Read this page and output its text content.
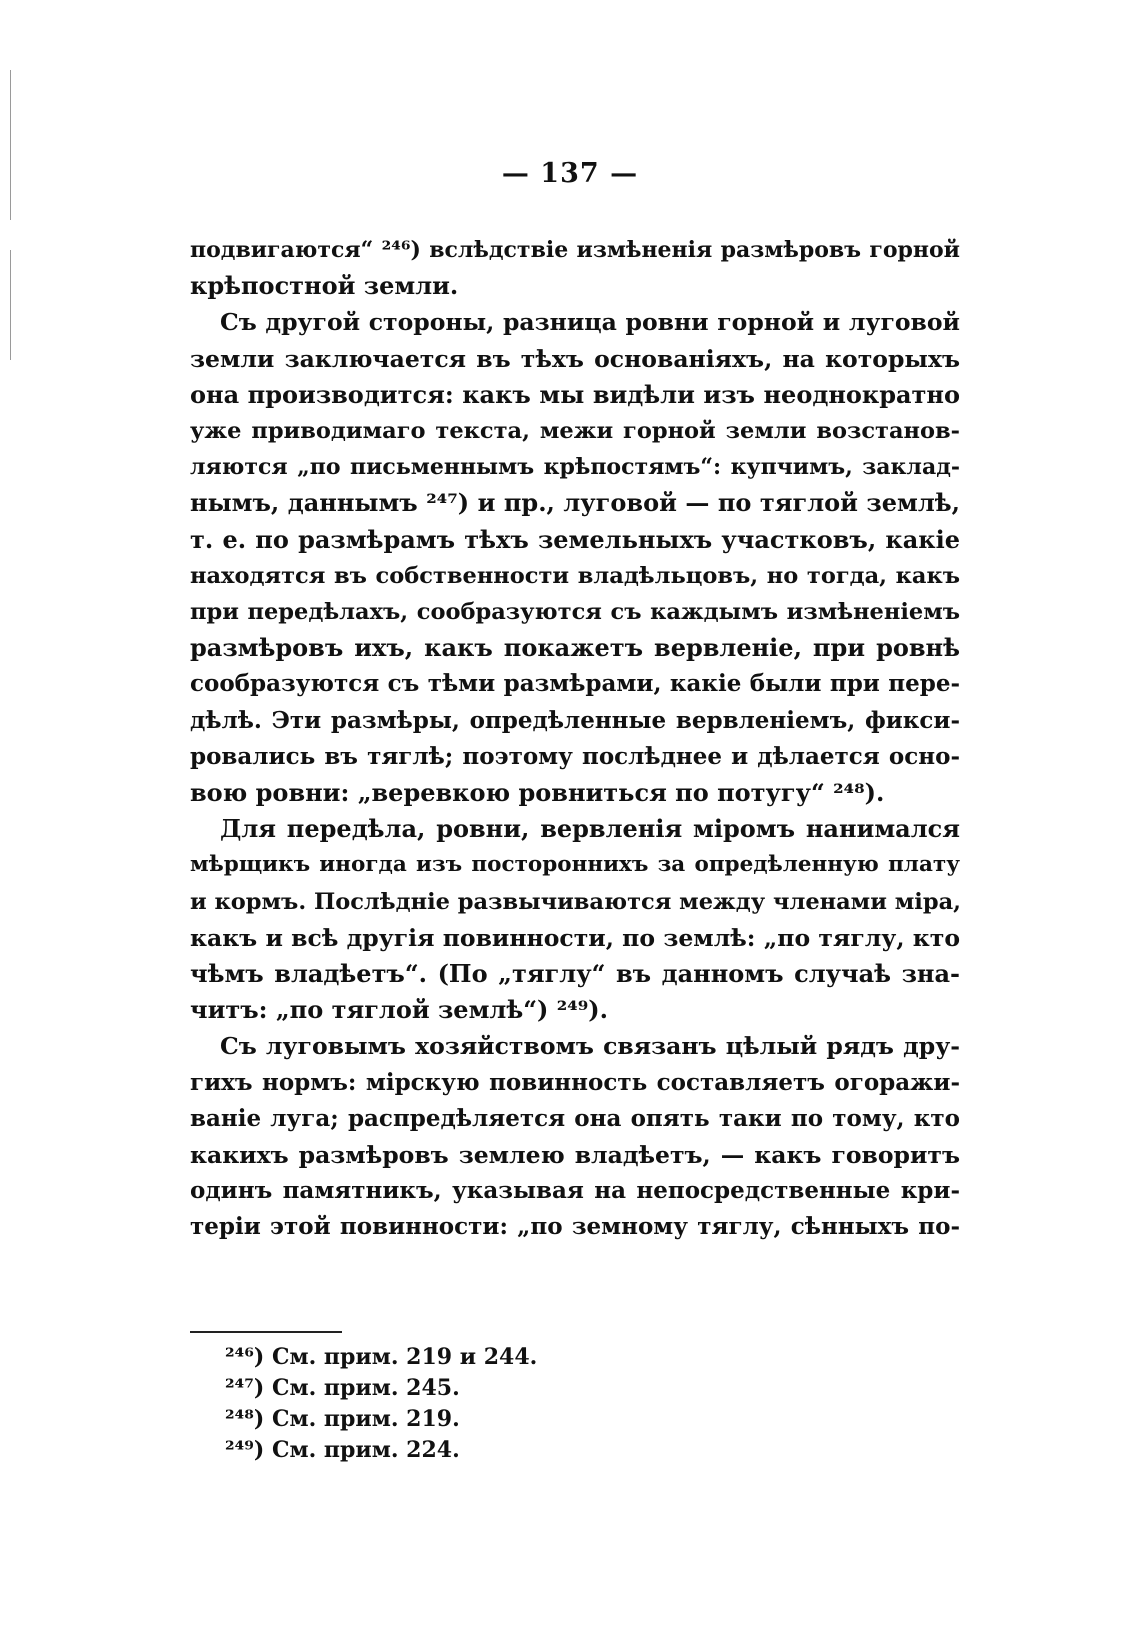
— 137 —
подвигаются“ ²⁴⁶) вслѣдствіе измѣненія размѣровъ горной
крѣпостной земли.
Съ другой стороны, разница ровни горной и луговой
земли заключается въ тѣхъ основаніяхъ, на которыхъ
она производится: какъ мы видѣли изъ неоднократно
уже приводимаго текста, межи горной земли возстанов-
ляются „по письменнымъ крѣпостямъ“: купчимъ, заклад-
нымъ, даннымъ ²⁴⁷) и пр., луговой — по тяглой землѣ,
т. е. по размѣрамъ тѣхъ земельныхъ участковъ, какіе
находятся въ собственности владѣльцовъ, но тогда, какъ
при передѣлахъ, сообразуются съ каждымъ измѣненіемъ
размѣровъ ихъ, какъ покажетъ вервленіе, при ровнѣ
сообразуются съ тѣми размѣрами, какіе были при пере-
дѣлѣ. Эти размѣры, опредѣленные вервленіемъ, фикси-
ровались въ тяглѣ; поэтому послѣднее и дѣлается осно-
вою ровни: „веревкою ровниться по потугу“ ²⁴⁸).
Для передѣла, ровни, вервленія міромъ нанимался
мѣрщикъ иногда изъ постороннихъ за опредѣленную плату
и кормъ. Послѣдніе развычиваются между членами міра,
какъ и всѣ другія повинности, по землѣ: „по тяглу, кто
чѣмъ владѣетъ“. (По „тяглу“ въ данномъ случаѣ зна-
читъ: „по тяглой землѣ“) ²⁴⁹).
Съ луговымъ хозяйствомъ связанъ цѣлый рядъ дру-
гихъ нормъ: мірскую повинность составляетъ огоражи-
ваніе луга; распредѣляется она опять таки по тому, кто
какихъ размѣровъ землею владѣетъ, — какъ говоритъ
одинъ памятникъ, указывая на непосредственные кри-
теріи этой повинности: „по земному тяглу, сѣнныхъ по-
²⁴⁶) См. прим. 219 и 244.
²⁴⁷) См. прим. 245.
²⁴⁸) См. прим. 219.
²⁴⁹) См. прим. 224.
